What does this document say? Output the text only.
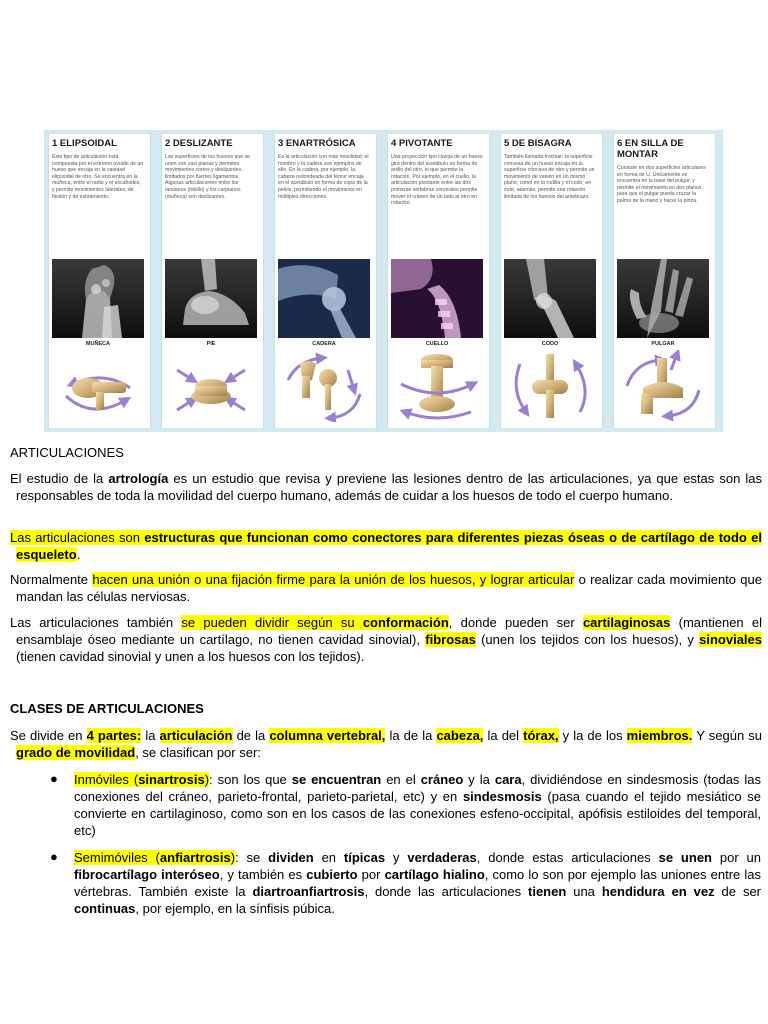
1 ELIPSOIDAL
Este tipo de articulación está compuesta por el extremo ovoide de un hueso que encaja en la cavidad elipsoidal de otro. Se encuentra en la muñeca, entre el radio y el escafoides, y permite movimientos laterales, de flexión y de estiramiento.
MUÑECA
2 DESLIZANTE
Las superficies de los huesos que se unen son casi planas y permiten movimientos cortos y deslizantes, limitados por fuertes ligamentos. Algunas articulaciones entre los tarsianos (tobillo) y los carpianos (muñeca) son deslizantes.
PIE
3 ENARTRÓSICA
Es la articulación con más movilidad; el hombro y la cadera son ejemplos de ello. En la cadera, por ejemplo, la cabeza redondeada del fémur encaja en el acetábulo en forma de copa de la pelvis, permitiendo el movimiento en múltiples direcciones.
CADERA
4 PIVOTANTE
Una proyección tipo clavija de un hueso gira dentro del acetábulo en forma de anillo del otro, lo que permite la rotación. Por ejemplo, en el cuello, la articulación pivotante entre las dos primeras vértebras cervicales permite mover el cráneo de un lado al otro en rotación.
CUELLO
5 DE BISAGRA
También llamada troclear: la superficie convexa de un hueso encaja en la superficie cóncava de otro y permite un movimiento de vaivén en un mismo plano, como en la rodilla y el codo; en éste, además, permite una rotación limitada de los huesos del antebrazo.
CODO
6 EN SILLA DE MONTAR
Consiste en dos superficies articulares en forma de U. Únicamente se encuentra en la base del pulgar, y permite el movimiento en dos planos, para que el pulgar pueda cruzar la palma de la mano y hacer la pinza.
PULGAR
ARTICULACIONES
El estudio de la artrología es un estudio que revisa y previene las lesiones dentro de las articulaciones, ya que estas son las responsables de toda la movilidad del cuerpo humano, además de cuidar a los huesos de todo el cuerpo humano.
Las articulaciones son estructuras que funcionan como conectores para diferentes piezas óseas o de cartílago de todo el esqueleto.
Normalmente hacen una unión o una fijación firme para la unión de los huesos, y lograr articular o realizar cada movimiento que mandan las células nerviosas.
Las articulaciones también se pueden dividir según su conformación, donde pueden ser cartilaginosas (mantienen el ensamblaje óseo mediante un cartílago, no tienen cavidad sinovial), fibrosas (unen los tejidos con los huesos), y sinoviales (tienen cavidad sinovial y unen a los huesos con los tejidos).
CLASES DE ARTICULACIONES
Se divide en 4 partes: la articulación de la columna vertebral, la de la cabeza, la del tórax, y la de los miembros. Y según su grado de movilidad, se clasifican por ser:
● Inmóviles (sinartrosis): son los que se encuentran en el cráneo y la cara, dividiéndose en sindesmosis (todas las conexiones del cráneo, parieto-frontal, parieto-parietal, etc) y en sindesmosis (pasa cuando el tejido mesiático se convierte en cartilaginoso, como son en los casos de las conexiones esfeno-occipital, apófisis estiloides del temporal, etc)
● Semimóviles (anfiartrosis): se dividen en típicas y verdaderas, donde estas articulaciones se unen por un fibrocartílago interóseo, y también es cubierto por cartílago hialino, como lo son por ejemplo las uniones entre las vértebras. También existe la diartroanfiartrosis, donde las articulaciones tienen una hendidura en vez de ser continuas, por ejemplo, en la sínfisis púbica.
